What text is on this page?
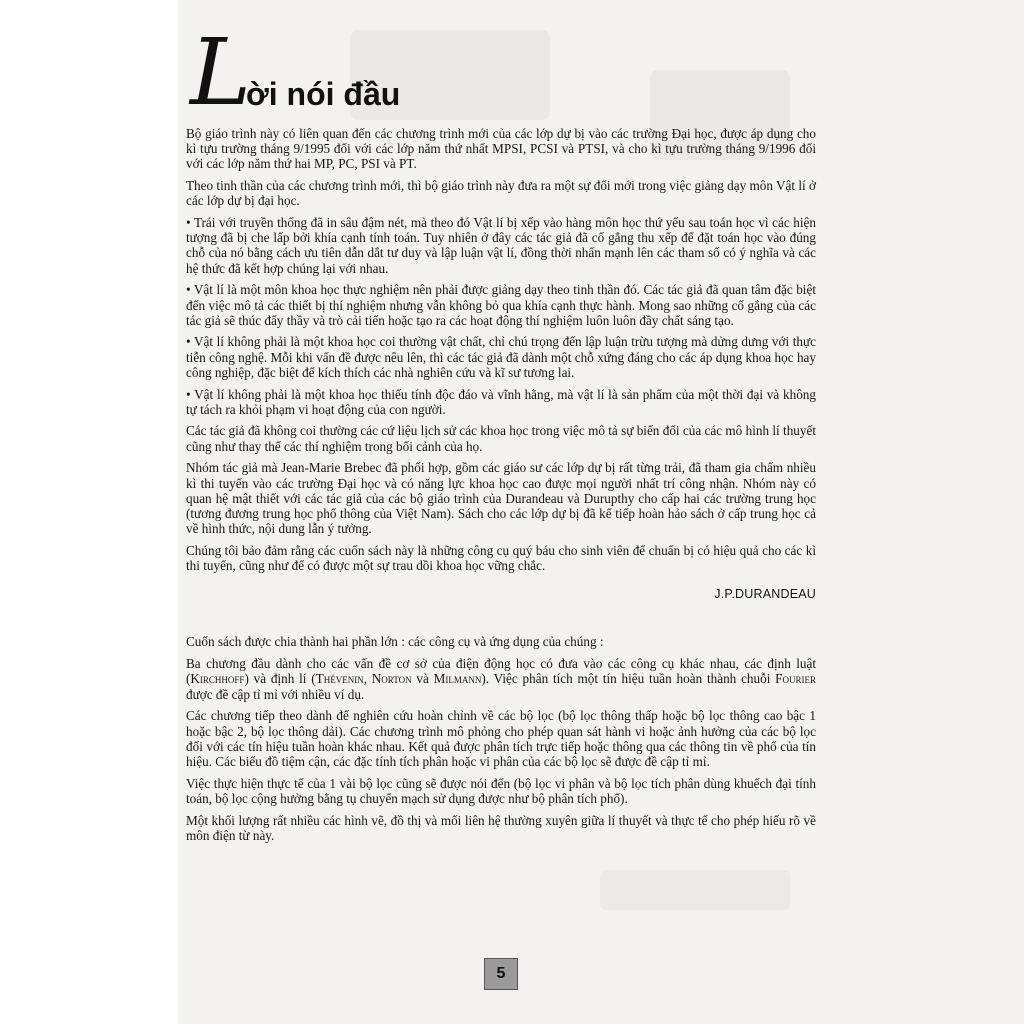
L
ời nói đầu

Bộ giáo trình này có liên quan đến các chương trình mới của các lớp dự bị vào các trường Đại học, được áp dụng cho kì tựu trường tháng 9/1995 đối với các lớp năm thứ nhất MPSI, PCSI và PTSI, và cho kì tựu trường tháng 9/1996 đối với các lớp năm thứ hai MP, PC, PSI và PT.

Theo tinh thần của các chương trình mới, thì bộ giáo trình này đưa ra một sự đổi mới trong việc giảng dạy môn Vật lí ở các lớp dự bị đại học.

• Trái với truyền thống đã in sâu đậm nét, mà theo đó Vật lí bị xếp vào hàng môn học thứ yếu sau toán học vì các hiện tượng đã bị che lấp bởi khía cạnh tính toán. Tuy nhiên ở đây các tác giả đã cố gắng thu xếp để đặt toán học vào đúng chỗ của nó bằng cách ưu tiên dẫn dắt tư duy và lập luận vật lí, đồng thời nhấn mạnh lên các tham số có ý nghĩa và các hệ thức đã kết hợp chúng lại với nhau.

• Vật lí là một môn khoa học thực nghiệm nên phải được giảng dạy theo tinh thần đó. Các tác giả đã quan tâm đặc biệt đến việc mô tả các thiết bị thí nghiệm nhưng vẫn không bỏ qua khía cạnh thực hành. Mong sao những cố gắng của các tác giả sẽ thúc đẩy thầy và trò cải tiến hoặc tạo ra các hoạt động thí nghiệm luôn luôn đầy chất sáng tạo.

• Vật lí không phải là một khoa học coi thường vật chất, chỉ chú trọng đến lập luận trừu tượng mà dửng dưng với thực tiễn công nghệ. Mỗi khi vấn đề được nêu lên, thì các tác giả đã dành một chỗ xứng đáng cho các áp dụng khoa học hay công nghiệp, đặc biệt để kích thích các nhà nghiên cứu và kĩ sư tương lai.

• Vật lí không phải là một khoa học thiếu tính độc đáo và vĩnh hằng, mà vật lí là sản phẩm của một thời đại và không tự tách ra khỏi phạm vi hoạt động của con người.

Các tác giả đã không coi thường các cứ liệu lịch sử các khoa học trong việc mô tả sự biến đổi của các mô hình lí thuyết cũng như thay thế các thí nghiệm trong bối cảnh của họ.

Nhóm tác giả mà Jean-Marie Brebec đã phối hợp, gồm các giáo sư các lớp dự bị rất từng trải, đã tham gia chấm nhiều kì thi tuyển vào các trường Đại học và có năng lực khoa học cao được mọi người nhất trí công nhận. Nhóm này có quan hệ mật thiết với các tác giả của các bộ giáo trình của Durandeau và Durupthy cho cấp hai các trường trung học (tương đương trung học phổ thông của Việt Nam). Sách cho các lớp dự bị đã kế tiếp hoàn hảo sách ở cấp trung học cả về hình thức, nội dung lẫn ý tưởng.

Chúng tôi bảo đảm rằng các cuốn sách này là những công cụ quý báu cho sinh viên để chuẩn bị có hiệu quả cho các kì thi tuyển, cũng như để có được một sự trau dồi khoa học vững chắc.

J.P.DURANDEAU

Cuốn sách được chia thành hai phần lớn : các công cụ và ứng dụng của chúng :

Ba chương đầu dành cho các vấn đề cơ sở của điện động học có đưa vào các công cụ khác nhau, các định luật (Kirchhoff) và định lí (Thévenin, Norton và Milmann). Việc phân tích một tín hiệu tuần hoàn thành chuỗi Fourier được đề cập tỉ mỉ với nhiều ví dụ.

Các chương tiếp theo dành để nghiên cứu hoàn chỉnh về các bộ lọc (bộ lọc thông thấp hoặc bộ lọc thông cao bậc 1 hoặc bậc 2, bộ lọc thông dải). Các chương trình mô phỏng cho phép quan sát hành vi hoặc ảnh hưởng của các bộ lọc đối với các tín hiệu tuần hoàn khác nhau. Kết quả được phân tích trực tiếp hoặc thông qua các thông tin về phổ của tín hiệu. Các biểu đồ tiệm cận, các đặc tính tích phân hoặc vi phân của các bộ lọc sẽ được đề cập tỉ mỉ.

Việc thực hiện thực tế của 1 vài bộ lọc cũng sẽ được nói đến (bộ lọc vi phân và bộ lọc tích phân dùng khuếch đại tính toán, bộ lọc cộng hưởng bằng tụ chuyển mạch sử dụng được như bộ phân tích phổ).

Một khối lượng rất nhiều các hình vẽ, đồ thị và mối liên hệ thường xuyên giữa lí thuyết và thực tế cho phép hiểu rõ về môn điện từ này.

5
